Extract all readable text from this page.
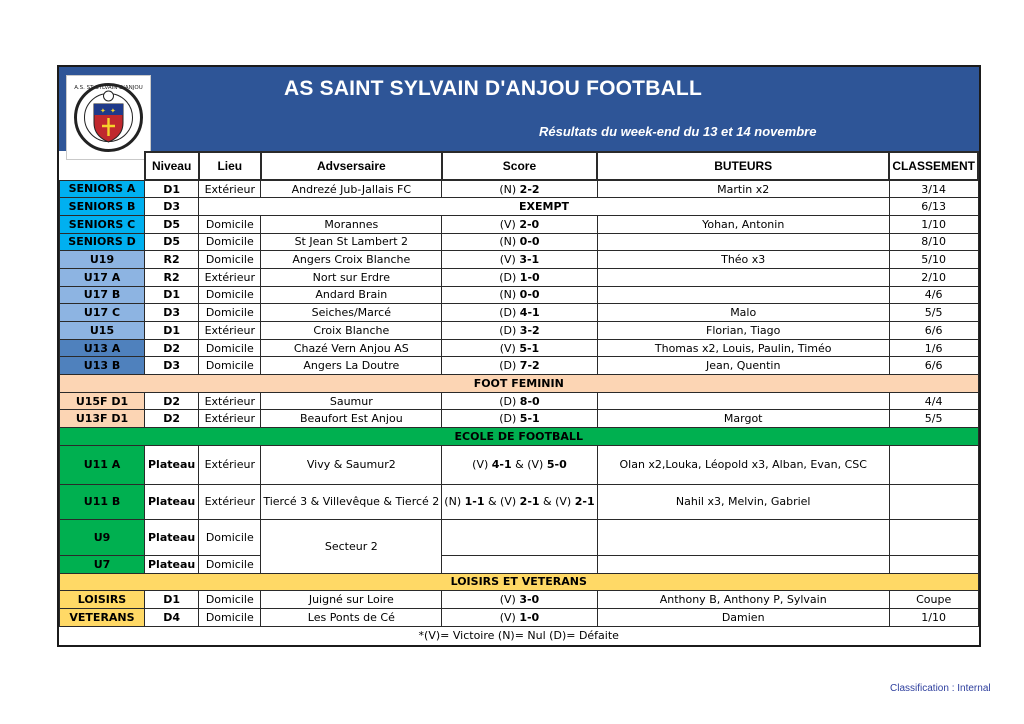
✦ ✦
A.S. ST SYLVAIN D'ANJOU	AS SAINT SYLVAIN D'ANJOU FOOTBALL
Résultats du week-end du 13 et 14 novembre
	Niveau	Lieu	Advsersaire	Score	BUTEURS	CLASSEMENT
SENIORS A	D1	Extérieur	Andrezé Jub-Jallais FC	(N) 2-2	Martin x2	3/14
SENIORS B	D3	EXEMPT				6/13
SENIORS C	D5	Domicile	Morannes	(V) 2-0	Yohan, Antonin	1/10
SENIORS D	D5	Domicile	St Jean St Lambert 2	(N) 0-0		8/10
U19	R2	Domicile	Angers Croix Blanche	(V) 3-1	Théo x3	5/10
U17 A	R2	Extérieur	Nort sur Erdre	(D) 1-0		2/10
U17 B	D1	Domicile	Andard Brain	(N) 0-0		4/6
U17 C	D3	Domicile	Seiches/Marcé	(D) 4-1	Malo	5/5
U15	D1	Extérieur	Croix Blanche	(D) 3-2	Florian, Tiago	6/6
U13 A	D2	Domicile	Chazé Vern Anjou AS	(V) 5-1	Thomas x2, Louis, Paulin, Timéo	1/6
U13 B	D3	Domicile	Angers La Doutre	(D) 7-2	Jean, Quentin	6/6
FOOT FEMININ						
U15F D1	D2	Extérieur	Saumur	(D) 8-0		4/4
U13F D1	D2	Extérieur	Beaufort Est Anjou	(D) 5-1	Margot	5/5
ECOLE DE FOOTBALL						
U11 A	Plateau	Extérieur	Vivy & Saumur2	(V) 4-1 & (V) 5-0	Olan x2,Louka, Léopold x3, Alban, Evan, CSC	
U11 B	Plateau	Extérieur	Tiercé 3 & Villevêque & Tiercé 2	(N) 1-1 & (V) 2-1 & (V) 2-1	Nahil x3, Melvin, Gabriel	
U9	Plateau	Domicile	Secteur 2			
U7	Plateau	Domicile				
LOISIRS ET VETERANS						
LOISIRS	D1	Domicile	Juigné sur Loire	(V) 3-0	Anthony B, Anthony P, Sylvain	Coupe
VETERANS	D4	Domicile	Les Ponts de Cé	(V) 1-0	Damien	1/10
*(V)= Victoire (N)= Nul (D)= Défaite						
Classification : Internal
